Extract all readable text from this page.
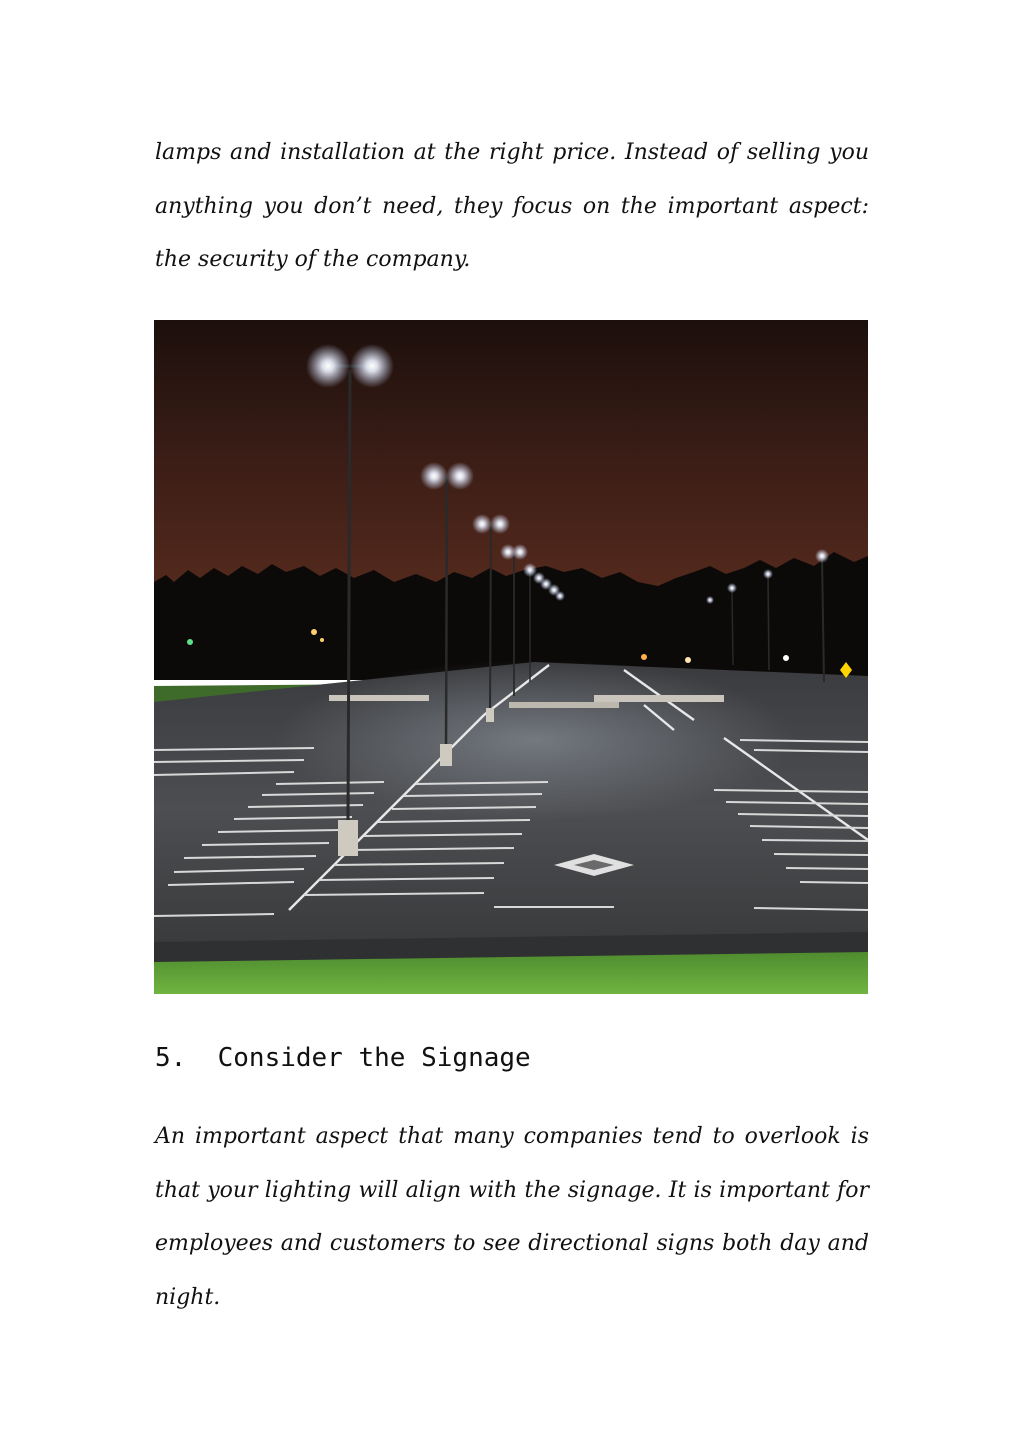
lamps and installation at the right price. Instead of selling you anything you don’t need, they focus on the important aspect: the security of the company.

5.  Consider the Signage

An important aspect that many companies tend to overlook is that your lighting will align with the signage. It is important for employees and customers to see directional signs both day and night.
